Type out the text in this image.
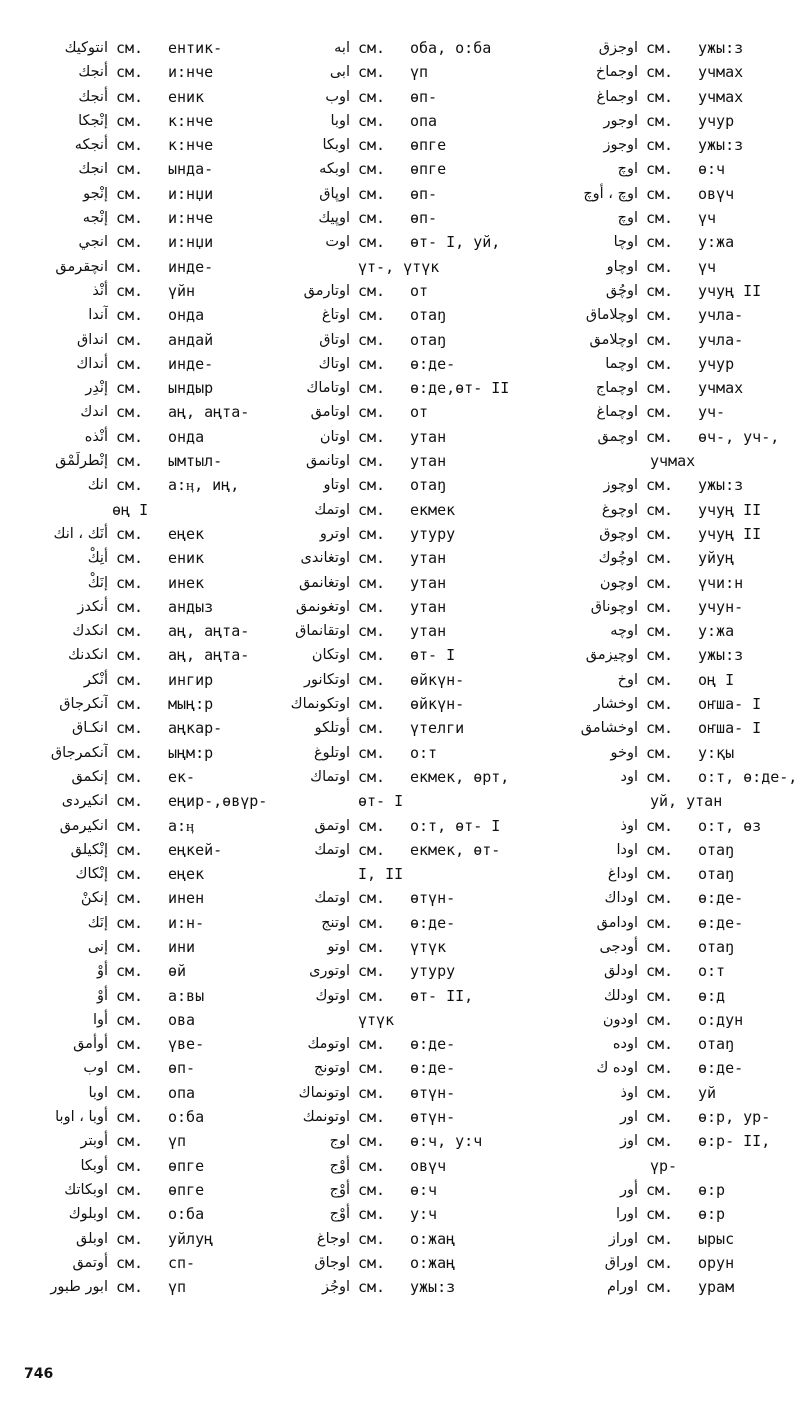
انتوكيك см.	ентик-
أنجك см.	и:нче
أنجك см.	еник
إنْجكا см.	к:нче
أنجكه см.	к:нче
انجك см.	ындa-
إنْجو см.	и:нџи
إنْجه см.	и:нче
انجي см.	и:нџи
انچقرمق см.	индe-
أنْذ см.	үйн
آندا см.	онда
انداق см.	андай
أنداك см.	инде-
إنْدِر см.	ындыр
اندك см.	аң, аңта-
أنْذه см.	онда
إنْطرلَمْق см.	ымтыл-
انك см.	а:ӊ, иң,
өң I
أنَك ، انك см.	еңек
أنِكْ см.	еник
إنَكْ см.	инек
أنكدز см.	андыз
انكدك см.	аң, аңта-
انكدنك см.	аң, аңта-
أنْكر см.	ингир
آنكرجاق см.	мың:р
انكـاق см.	аңкар-
آنكمرجاق см.	ыңм:р
إنكمق см.	ек-
انكيردى см.	еңир-,өвүр-
انكيرمق см.	а:ӊ
إنْكيلق см.	еңкей-
إنْكاك см.	еңек
إنكنْ см.	инен
إنَك см.	и:н-
إنى см.	ини
أوْ см.	өй
أوْ см.	а:вы
أوا см.	ова
أوأمق см.	үвe-
اوب см.	өп-
اوبا см.	опа
أوبا ، اوبا см.	о:ба
أوبتر см.	үп
أوبكا см.	өпге
اوبكاتك см.	өпге
اوبلوك см.	о:ба
اوبلق см.	уйлуң
أوتمق см.	сп-
ابور طبور см.	үп
ابه см.	оба, о:ба
ابى см.	үп
اوب см.	өп-
اوبا см.	опа
اوبكا см.	өпге
اوبكه см.	өпге
اوپاق см.	өп-
اوپيك см.	өп-
اوت см.	өт- I, уй,
үт-, үтүк
اوتارمق см.	от
اوتاغ см.	отаŋ
اوتاق см.	отаŋ
اوتاك см.	ө:де-
اوتاماك см.	ө:де,өт- II
اوتامق см.	от
اوتان см.	утан
اوتانمق см.	утан
اوتاو см.	отаŋ
اوتمك см.	екмек
اوترو см.	утуру
اوتغاندى см.	утан
اوتغانمق см.	утан
اوتغونمق см.	утан
اوتقانماق см.	утан
اوتكان см.	өт- I
اوتكانور см.	өйкүн-
اوتكونماك см.	өйкүн-
أوتلكو см.	үтелги
اوتلوغ см.	о:т
اوتماك см.	екмек, өрт,
өт- I
اوتمق см.	о:т, өт- I
اوتمك см.	екмек, өт-
I, II
اوتمك см.	өтүн-
اوتنج см.	ө:де-
اوتو см.	үтүк
اوتورى см.	утуру
اوتوك см.	өт- II,
үтүк
اوتومك см.	ө:де-
اوتونج см.	ө:де-
اوتونماك см.	өтүн-
اوتونمك см.	өтүн-
اوج см.	ө:ч, у:ч
أوْج см.	овүч
أوْج см.	ө:ч
أوْج см.	у:ч
اوجاغ см.	о:жаң
اوجاق см.	о:жаң
اوجُز см.	ужы:з
اوجزق см.	ужы:з
اوجماخ см.	учмах
اوجماغ см.	учмах
اوجور см.	учур
اوجوز см.	ужы:з
اوچ см.	ө:ч
اوچ ، أوچ см.	овүч
اوچ см.	үч
اوچا см.	у:жа
اوچاو см.	үч
اوچُق см.	учуң II
اوچلاماق см.	учла-
اوچلامق см.	учла-
اوچما см.	учур
اوچماج см.	учмах
اوچماغ см.	уч-
اوچمق см.	өч-, уч-,
учмах
اوچوز см.	ужы:з
اوچوغ см.	учуң II
اوچوق см.	учуң II
اوچُوك см.	уйуң
اوچون см.	үчи:н
اوچوناق см.	учун-
اوچه см.	у:жа
اوچيزمق см.	ужы:з
اوخ см.	оң I
اوخشار см.	оҥша- I
اوخشامق см.	оҥша- I
اوخو см.	у:қы
اود см.	о:т, ө:де-,
уй, утан
اوذ см.	о:т, өз
اودا см.	отаŋ
اوداغ см.	отаŋ
اوداك см.	ө:де-
اودامق см.	ө:де-
أودجى см.	отаŋ
اودلق см.	о:т
اودلك см.	ө:д
اودون см.	о:дун
اوده см.	отаŋ
اوده ك см.	ө:де-
اوذ см.	уй
اور см.	ө:р, ур-
اوز см.	ө:р- II,
үр-
أور см.	ө:р
اورا см.	ө:р
اوراز см.	ырыс
اوراق см.	орун
اورام см.	урам
746
